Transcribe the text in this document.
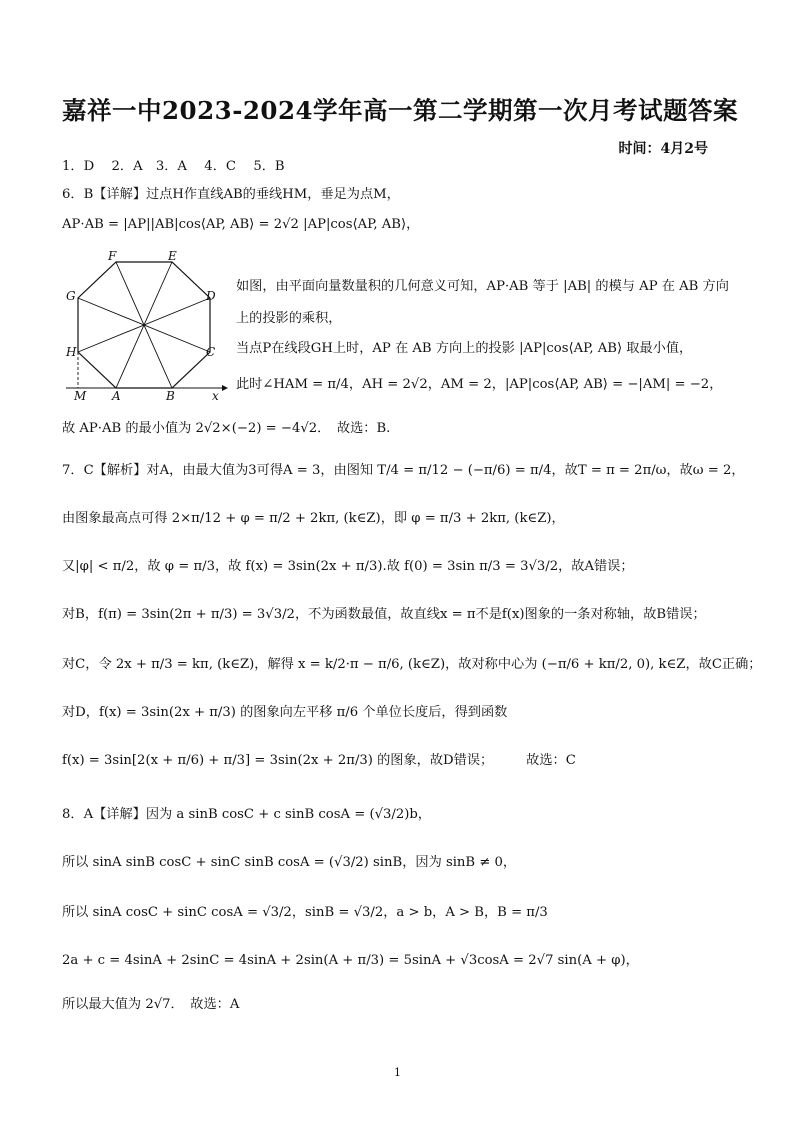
嘉祥一中2023-2024学年高一第二学期第一次月考试题答案
时间：4月2号
1．D　 2．A　3．A　 4．C　 5．B
6．B【详解】过点H作直线AB的垂线HM，垂足为点M，
AP·AB = |AP||AB|cos⟨AP, AB⟩ = 2√2 |AP|cos⟨AP, AB⟩，
F	E
D
C
B
A
H
G
M	x
如图，由平面向量数量积的几何意义可知，AP·AB 等于 |AB| 的模与 AP 在 AB 方向
上的投影的乘积，
当点P在线段GH上时，AP 在 AB 方向上的投影 |AP|cos⟨AP, AB⟩ 取最小值，
此时∠HAM = π/4，AH = 2√2，AM = 2，|AP|cos⟨AP, AB⟩ = −|AM| = −2，
故 AP·AB 的最小值为 2√2×(−2) = −4√2．　故选：B.
7．C【解析】对A，由最大值为3可得A = 3，由图知 T/4 = π/12 − (−π/6) = π/4，故T = π = 2π/ω，故ω = 2，
由图象最高点可得 2×π/12 + φ = π/2 + 2kπ, (k∈Z)，即 φ = π/3 + 2kπ, (k∈Z)，
又|φ| < π/2，故 φ = π/3，故 f(x) = 3sin(2x + π/3).故 f(0) = 3sin π/3 = 3√3/2，故A错误；
对B，f(π) = 3sin(2π + π/3) = 3√3/2，不为函数最值，故直线x = π不是f(x)图象的一条对称轴，故B错误；
对C，令 2x + π/3 = kπ, (k∈Z)，解得 x = k/2·π − π/6, (k∈Z)，故对称中心为 (−π/6 + kπ/2, 0), k∈Z，故C正确；
对D，f(x) = 3sin(2x + π/3) 的图象向左平移 π/6 个单位长度后，得到函数
f(x) = 3sin[2(x + π/6) + π/3] = 3sin(2x + 2π/3) 的图象，故D错误；　　　故选：C
8．A【详解】因为 a sinB cosC + c sinB cosA = (√3/2)b，
所以 sinA sinB cosC + sinC sinB cosA = (√3/2) sinB，因为 sinB ≠ 0，
所以 sinA cosC + sinC cosA = √3/2，sinB = √3/2，a > b，A > B，B = π/3
2a + c = 4sinA + 2sinC = 4sinA + 2sin(A + π/3) = 5sinA + √3cosA = 2√7 sin(A + φ)，
所以最大值为 2√7．　故选：A
1
